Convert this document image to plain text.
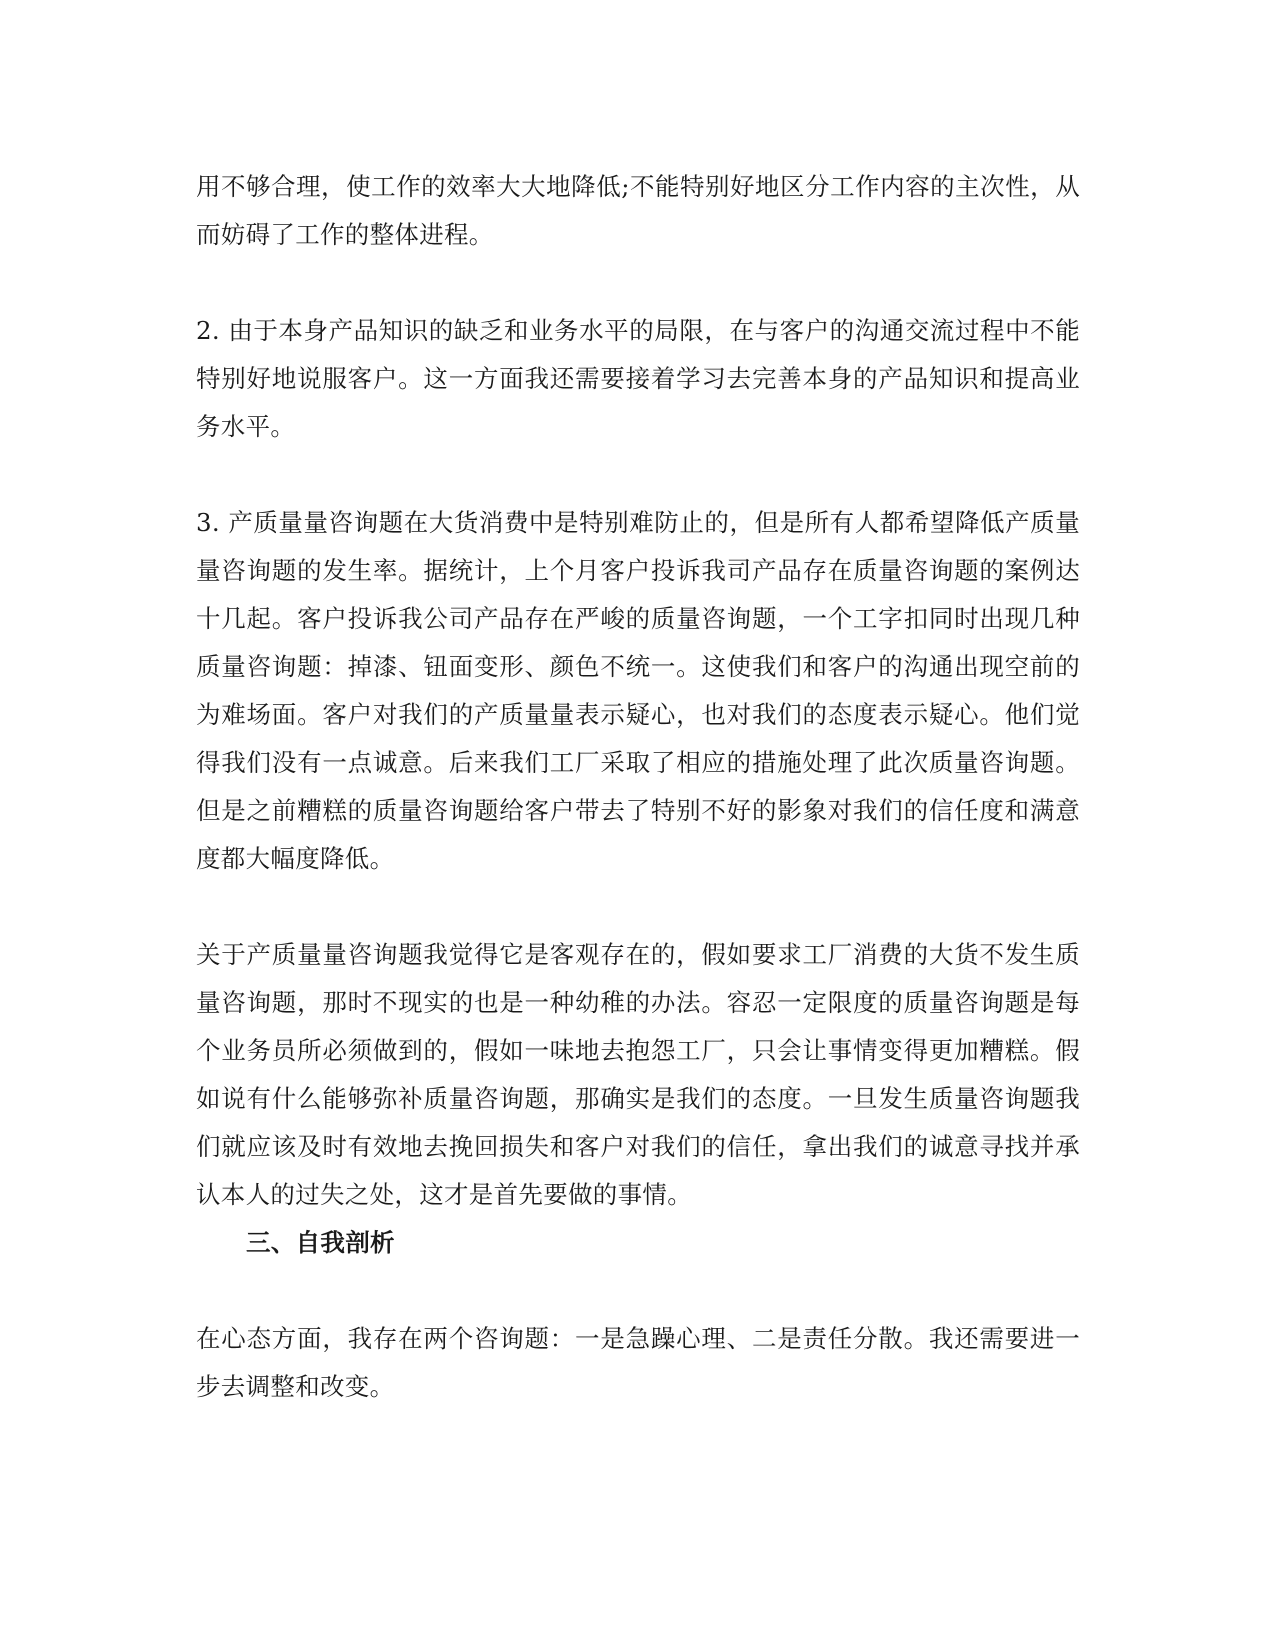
用不够合理，使工作的效率大大地降低;不能特别好地区分工作内容的主次性，从而妨碍了工作的整体进程。

2. 由于本身产品知识的缺乏和业务水平的局限，在与客户的沟通交流过程中不能特别好地说服客户。这一方面我还需要接着学习去完善本身的产品知识和提高业务水平。

3. 产质量量咨询题在大货消费中是特别难防止的，但是所有人都希望降低产质量量咨询题的发生率。据统计，上个月客户投诉我司产品存在质量咨询题的案例达十几起。客户投诉我公司产品存在严峻的质量咨询题，一个工字扣同时出现几种质量咨询题：掉漆、钮面变形、颜色不统一。这使我们和客户的沟通出现空前的为难场面。客户对我们的产质量量表示疑心，也对我们的态度表示疑心。他们觉得我们没有一点诚意。后来我们工厂采取了相应的措施处理了此次质量咨询题。但是之前糟糕的质量咨询题给客户带去了特别不好的影象对我们的信任度和满意度都大幅度降低。

关于产质量量咨询题我觉得它是客观存在的，假如要求工厂消费的大货不发生质量咨询题，那时不现实的也是一种幼稚的办法。容忍一定限度的质量咨询题是每个业务员所必须做到的，假如一味地去抱怨工厂，只会让事情变得更加糟糕。假如说有什么能够弥补质量咨询题，那确实是我们的态度。一旦发生质量咨询题我们就应该及时有效地去挽回损失和客户对我们的信任，拿出我们的诚意寻找并承认本人的过失之处，这才是首先要做的事情。

三、自我剖析

在心态方面，我存在两个咨询题：一是急躁心理、二是责任分散。我还需要进一步去调整和改变。
